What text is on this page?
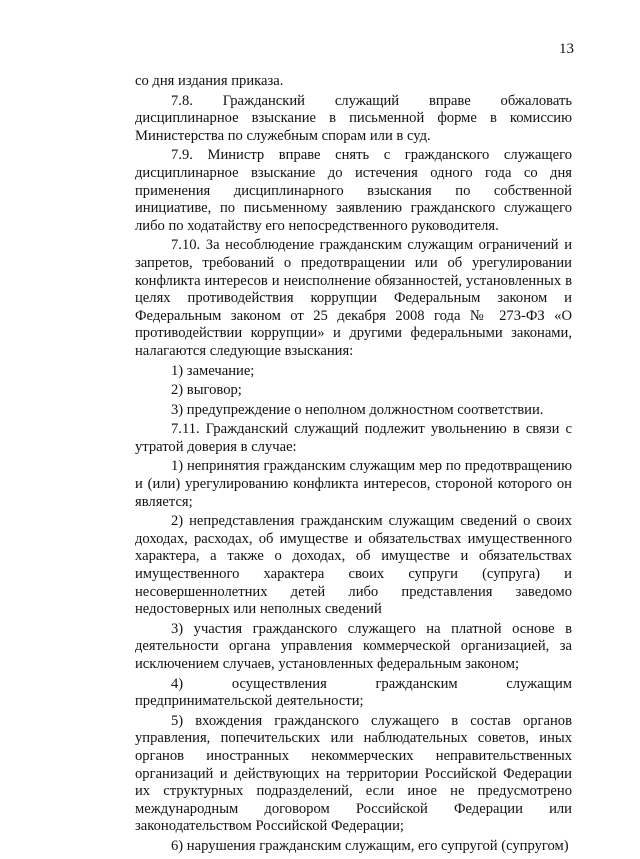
13

со дня издания приказа.

7.8. Гражданский служащий вправе обжаловать дисциплинарное взыскание в письменной форме в комиссию Министерства по служебным спорам или в суд.

7.9. Министр вправе снять с гражданского служащего дисциплинарное взыскание до истечения одного года со дня применения дисциплинарного взыскания по собственной инициативе, по письменному заявлению гражданского служащего либо по ходатайству его непосредственного руководителя.

7.10. За несоблюдение гражданским служащим ограничений и запретов, требований о предотвращении или об урегулировании конфликта интересов и неисполнение обязанностей, установленных в целях противодействия коррупции Федеральным законом и Федеральным законом от 25 декабря 2008 года № 273-ФЗ «О противодействии коррупции» и другими федеральными законами, налагаются следующие взыскания:

1) замечание;

2) выговор;

3) предупреждение о неполном должностном соответствии.

7.11. Гражданский служащий подлежит увольнению в связи с утратой доверия в случае:

1) непринятия гражданским служащим мер по предотвращению и (или) урегулированию конфликта интересов, стороной которого он является;

2) непредставления гражданским служащим сведений о своих доходах, расходах, об имуществе и обязательствах имущественного характера, а также о доходах, об имуществе и обязательствах имущественного характера своих супруги (супруга) и несовершеннолетних детей либо представления заведомо недостоверных или неполных сведений

3) участия гражданского служащего на платной основе в деятельности органа управления коммерческой организацией, за исключением случаев, установленных федеральным законом;

4) осуществления гражданским служащим предпринимательской деятельности;

5) вхождения гражданского служащего в состав органов управления, попечительских или наблюдательных советов, иных органов иностранных некоммерческих неправительственных организаций и действующих на территории Российской Федерации их структурных подразделений, если иное не предусмотрено международным договором Российской Федерации или законодательством Российской Федерации;

6) нарушения гражданским служащим, его супругой (супругом)
